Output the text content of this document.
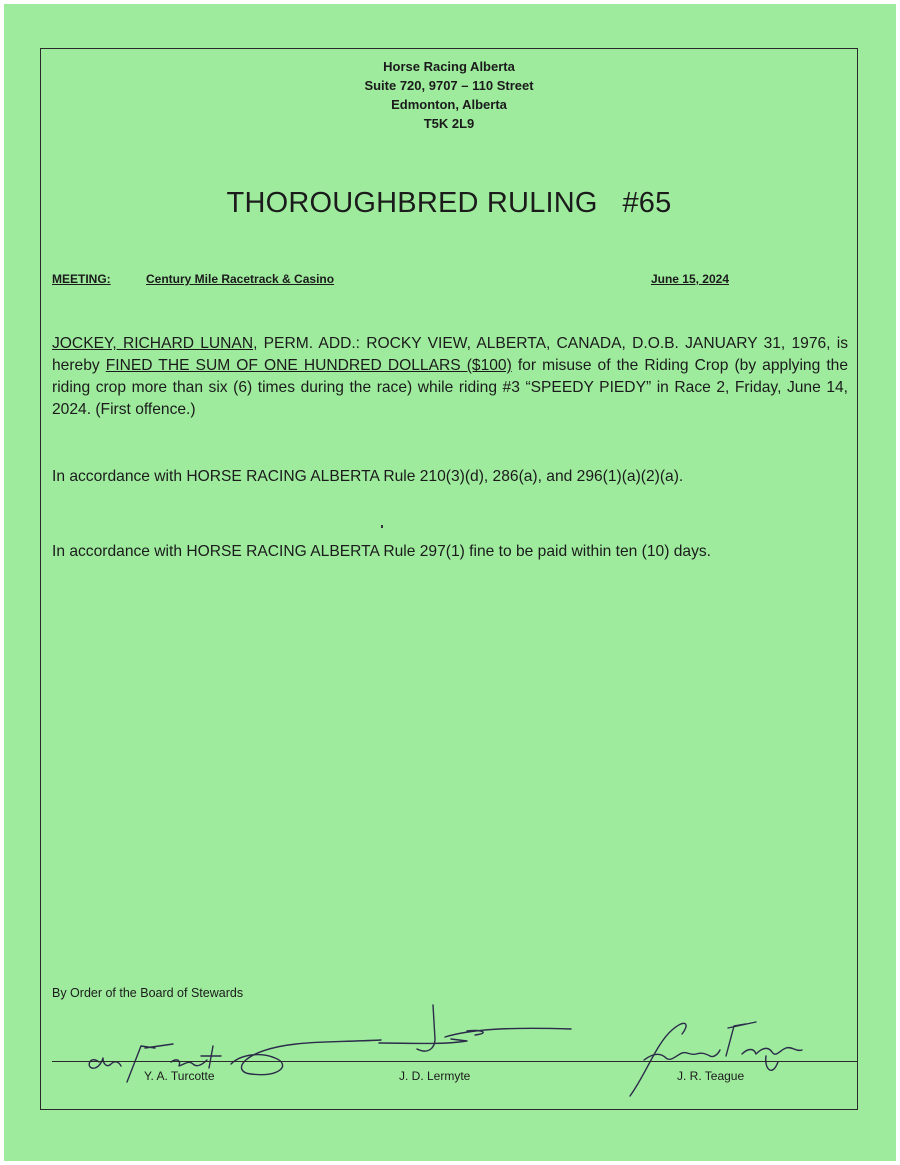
Horse Racing Alberta
Suite 720, 9707 – 110 Street
Edmonton, Alberta
T5K 2L9
THOROUGHBRED RULING   #65
MEETING:	Century Mile Racetrack & Casino	June 15, 2024
JOCKEY, RICHARD LUNAN, PERM. ADD.: ROCKY VIEW, ALBERTA, CANADA, D.O.B. JANUARY 31, 1976, is hereby FINED THE SUM OF ONE HUNDRED DOLLARS ($100) for misuse of the Riding Crop (by applying the riding crop more than six (6) times during the race) while riding #3 “SPEEDY PIEDY” in Race 2, Friday, June 14, 2024. (First offence.)
In accordance with HORSE RACING ALBERTA Rule 210(3)(d), 286(a), and 296(1)(a)(2)(a).
In accordance with HORSE RACING ALBERTA Rule 297(1) fine to be paid within ten (10) days.
By Order of the Board of Stewards
Y. A. Turcotte	J. D. Lermyte	J. R. Teague
